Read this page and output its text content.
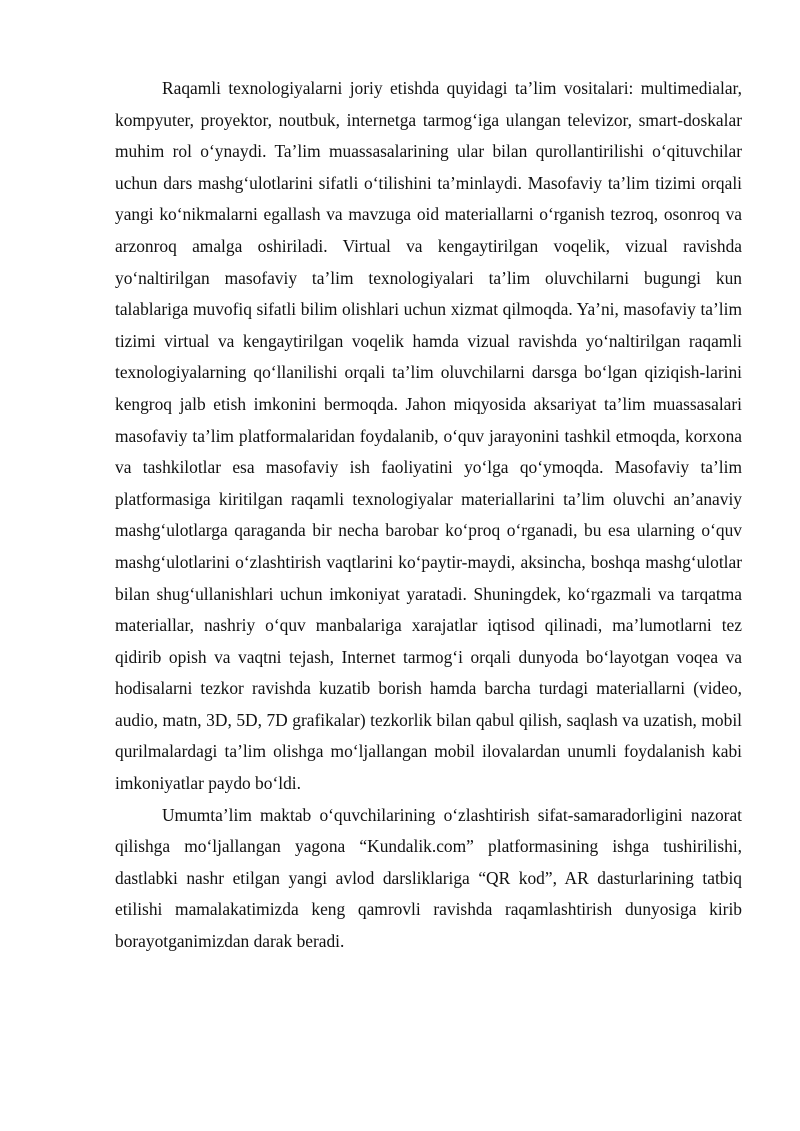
Raqamli texnologiyalarni joriy etishda quyidagi ta’lim vositalari: multimedialar, kompyuter, proyektor, noutbuk, internetga tarmog‘iga ulangan televizor, smart-doskalar muhim rol o‘ynaydi. Ta’lim muassasalarining ular bilan qurollantirilishi o‘qituvchilar uchun dars mashg‘ulotlarini sifatli o‘tilishini ta’minlaydi. Masofaviy ta’lim tizimi orqali yangi ko‘nikmalarni egallash va mavzuga oid materiallarni o‘rganish tezroq, osonroq va arzonroq amalga oshiriladi. Virtual va kengaytirilgan voqelik, vizual ravishda yo‘naltirilgan masofaviy ta’lim texnologiyalari ta’lim oluvchilarni bugungi kun talablariga muvofiq sifatli bilim olishlari uchun xizmat qilmoqda. Ya’ni, masofaviy ta’lim tizimi virtual va kengaytirilgan voqelik hamda vizual ravishda yo‘naltirilgan raqamli texnologiyalarning qo‘llanilishi orqali ta’lim oluvchilarni darsga bo‘lgan qiziqish-larini kengroq jalb etish imkonini bermoqda. Jahon miqyosida aksariyat ta’lim muassasalari masofaviy ta’lim platformalaridan foydalanib, o‘quv jarayonini tashkil etmoqda, korxona va tashkilotlar esa masofaviy ish faoliyatini yo‘lga qo‘ymoqda. Masofaviy ta’lim platformasiga kiritilgan raqamli texnologiyalar materiallarini ta’lim oluvchi an’anaviy mashg‘ulotlarga qaraganda bir necha barobar ko‘proq o‘rganadi, bu esa ularning o‘quv mashg‘ulotlarini o‘zlashtirish vaqtlarini ko‘paytir-maydi, aksincha, boshqa mashg‘ulotlar bilan shug‘ullanishlari uchun imkoniyat yaratadi. Shuningdek, ko‘rgazmali va tarqatma materiallar, nashriy o‘quv manbalariga xarajatlar iqtisod qilinadi, ma’lumotlarni tez qidirib opish va vaqtni tejash, Internet tarmog‘i orqali dunyoda bo‘layotgan voqea va hodisalarni tezkor ravishda kuzatib borish hamda barcha turdagi materiallarni (video, audio, matn, 3D, 5D, 7D grafikalar) tezkorlik bilan qabul qilish, saqlash va uzatish, mobil qurilmalardagi ta’lim olishga mo‘ljallangan mobil ilovalardan unumli foydalanish kabi imkoniyatlar paydo bo‘ldi.

Umumta’lim maktab o‘quvchilarining o‘zlashtirish sifat-samaradorligini nazorat qilishga mo‘ljallangan yagona “Kundalik.com” platformasining ishga tushirilishi, dastlabki nashr etilgan yangi avlod darsliklariga “QR kod”, AR dasturlarining tatbiq etilishi mamalakatimizda keng qamrovli ravishda raqamlashtirish dunyosiga kirib borayotganimizdan darak beradi.
